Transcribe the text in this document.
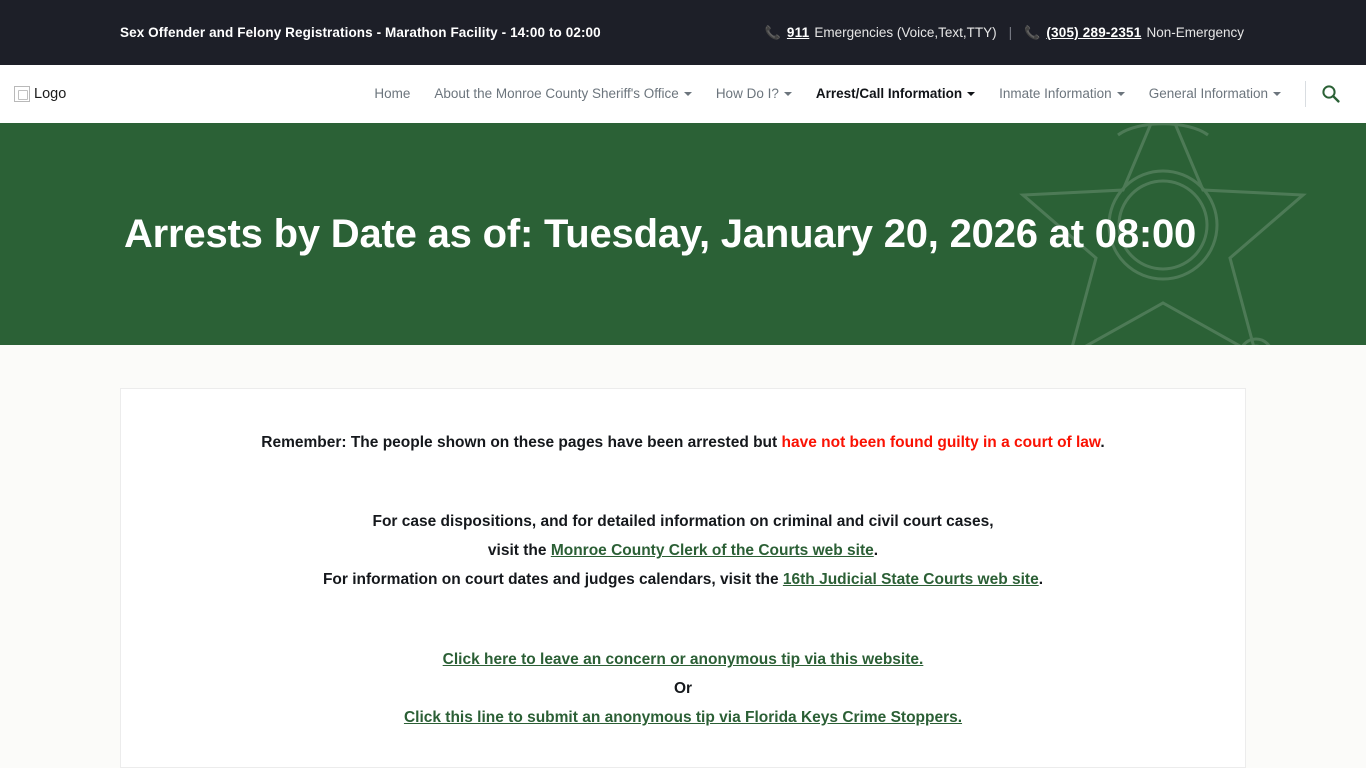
Sex Offender and Felony Registrations - Marathon Facility - 14:00 to 02:00	📞 911 Emergencies (Voice,Text,TTY) | 📞 (305) 289-2351 Non-Emergency
Logo	Home	About the Monroe County Sheriff's Office	How Do I?	Arrest/Call Information	Inmate Information	General Information
Arrests by Date as of: Tuesday, January 20, 2026 at 08:00
Remember: The people shown on these pages have been arrested but have not been found guilty in a court of law.
For case dispositions, and for detailed information on criminal and civil court cases,
visit the Monroe County Clerk of the Courts web site.
For information on court dates and judges calendars, visit the 16th Judicial State Courts web site.
Click here to leave an concern or anonymous tip via this website.
Or
Click this line to submit an anonymous tip via Florida Keys Crime Stoppers.
